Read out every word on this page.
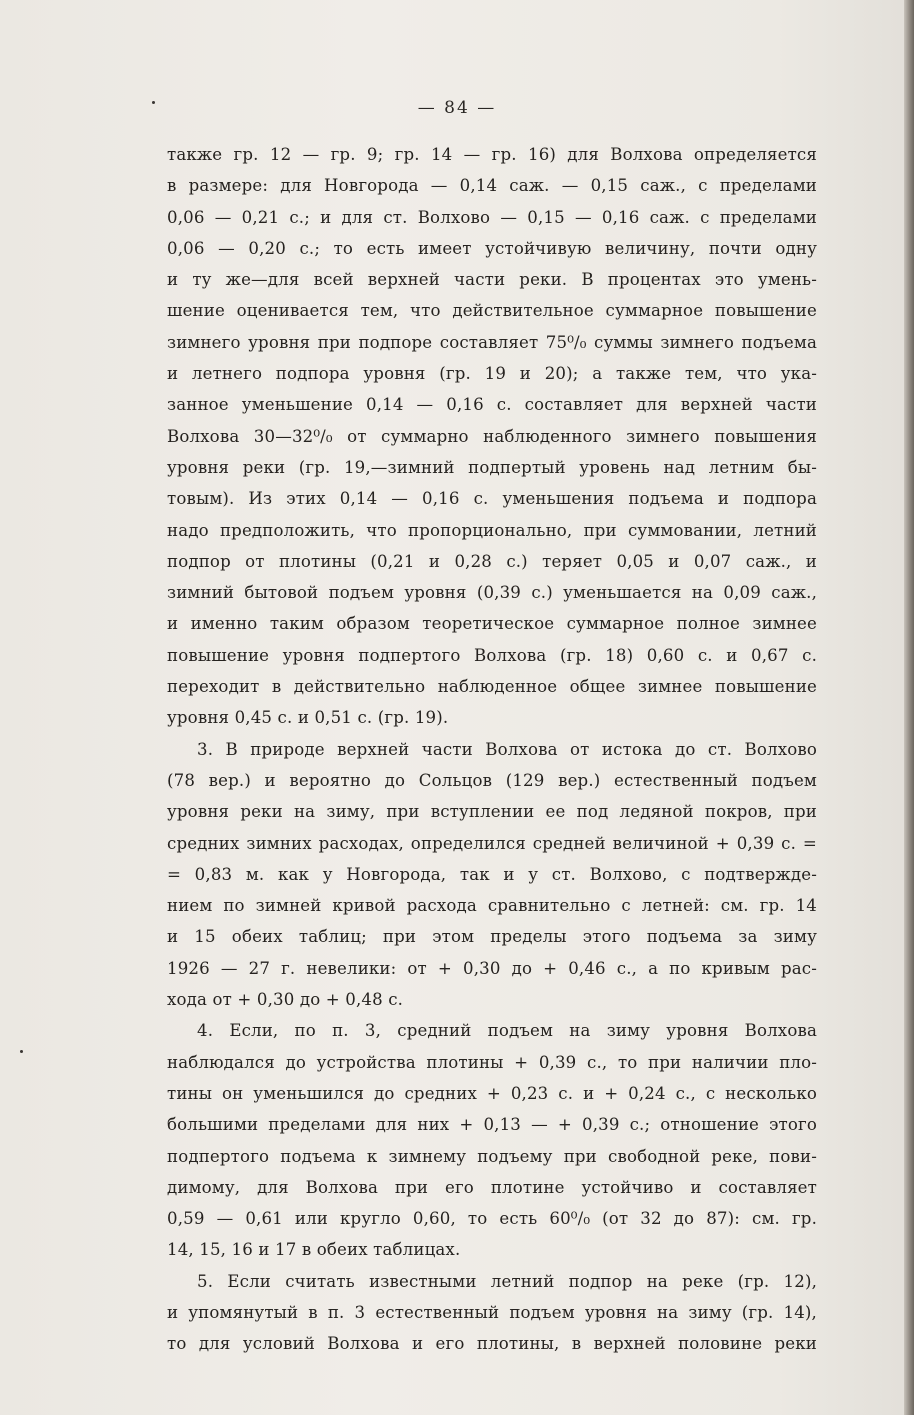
— 84 —
также гр. 12 — гр. 9; гр. 14 — гр. 16) для Волхова определяется
в размере: для Новгорода — 0,14 саж. — 0,15 саж., с пределами
0,06 — 0,21 с.; и для ст. Волхово — 0,15 — 0,16 саж. с пределами
0,06 — 0,20 с.; то есть имеет устойчивую величину, почти одну
и ту же—для всей верхней части реки. В процентах это умень-
шение оценивается тем, что действительное суммарное повышение
зимнего уровня при подпоре составляет 75⁰/₀ суммы зимнего подъема
и летнего подпора уровня (гр. 19 и 20); а также тем, что ука-
занное уменьшение 0,14 — 0,16 с. составляет для верхней части
Волхова 30—32⁰/₀ от суммарно наблюденного зимнего повышения
уровня реки (гр. 19,—зимний подпертый уровень над летним бы-
товым). Из этих 0,14 — 0,16 с. уменьшения подъема и подпора
надо предположить, что пропорционально, при суммовании, летний
подпор от плотины (0,21 и 0,28 с.) теряет 0,05 и 0,07 саж., и
зимний бытовой подъем уровня (0,39 с.) уменьшается на 0,09 саж.,
и именно таким образом теоретическое суммарное полное зимнее
повышение уровня подпертого Волхова (гр. 18) 0,60 с. и 0,67 с.
переходит в действительно наблюденное общее зимнее повышение
уровня 0,45 с. и 0,51 с. (гр. 19).
3. В природе верхней части Волхова от истока до ст. Волхово
(78 вер.) и вероятно до Сольцов (129 вер.) естественный подъем
уровня реки на зиму, при вступлении ее под ледяной покров, при
средних зимних расходах, определился средней величиной + 0,39 с. =
= 0,83 м. как у Новгорода, так и у ст. Волхово, с подтвержде-
нием по зимней кривой расхода сравнительно с летней: см. гр. 14
и 15 обеих таблиц; при этом пределы этого подъема за зиму
1926 — 27 г. невелики: от + 0,30 до + 0,46 с., а по кривым рас-
хода от + 0,30 до + 0,48 с.
4. Если, по п. 3, средний подъем на зиму уровня Волхова
наблюдался до устройства плотины + 0,39 с., то при наличии пло-
тины он уменьшился до средних + 0,23 с. и + 0,24 с., с несколько
большими пределами для них + 0,13 — + 0,39 с.; отношение этого
подпертого подъема к зимнему подъему при свободной реке, пови-
димому, для Волхова при его плотине устойчиво и составляет
0,59 — 0,61 или кругло 0,60, то есть 60⁰/₀ (от 32 до 87): см. гр.
14, 15, 16 и 17 в обеих таблицах.
5. Если считать известными летний подпор на реке (гр. 12),
и упомянутый в п. 3 естественный подъем уровня на зиму (гр. 14),
то для условий Волхова и его плотины, в верхней половине реки
